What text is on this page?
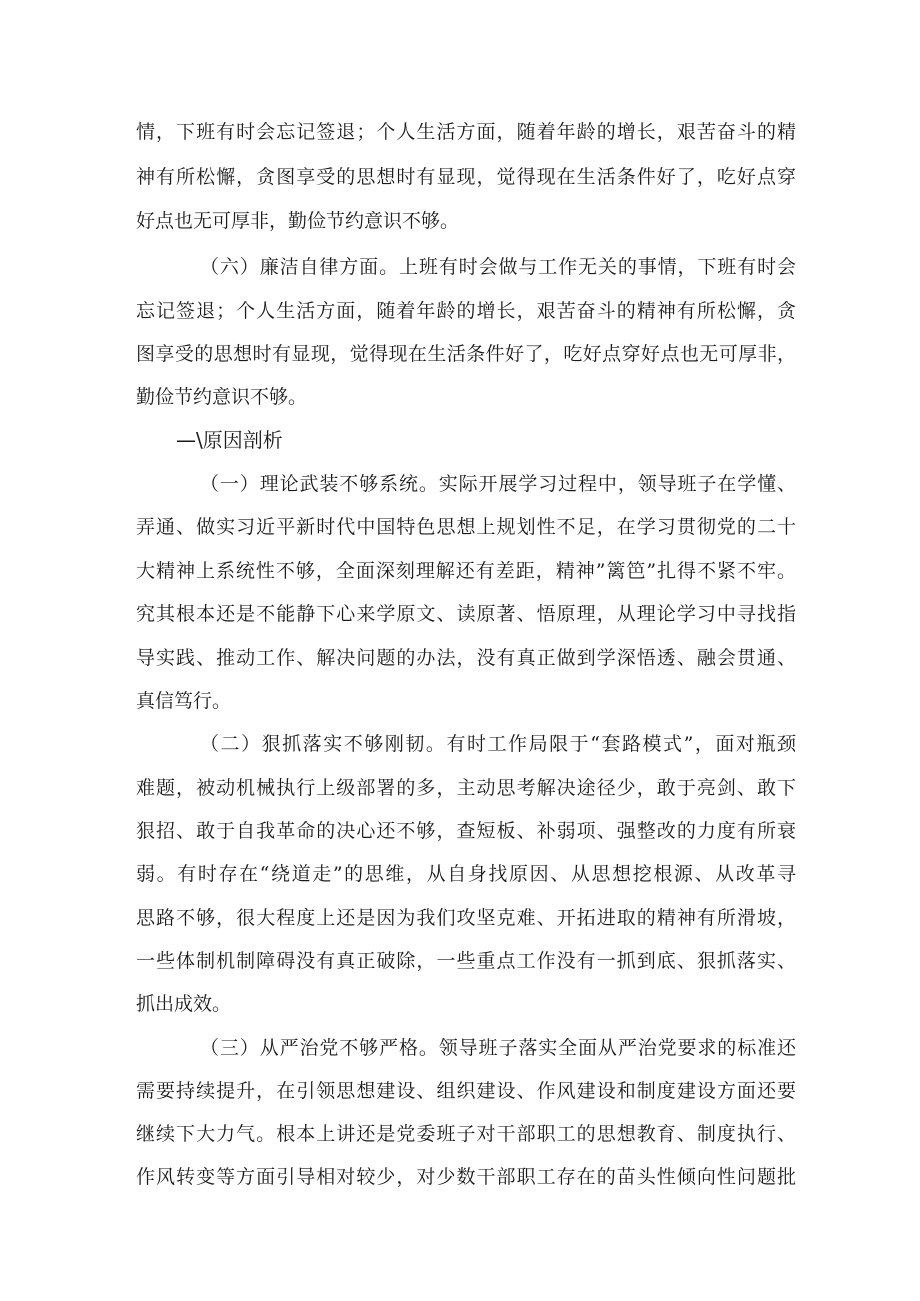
情，下班有时会忘记签退；个人生活方面，随着年龄的增长，艰苦奋斗的精
神有所松懈，贪图享受的思想时有显现，觉得现在生活条件好了，吃好点穿
好点也无可厚非，勤俭节约意识不够。
（六）廉洁自律方面。上班有时会做与工作无关的事情，下班有时会
忘记签退；个人生活方面，随着年龄的增长，艰苦奋斗的精神有所松懈，贪
图享受的思想时有显现，觉得现在生活条件好了，吃好点穿好点也无可厚非，
勤俭节约意识不够。
—\原因剖析
（一）理论武装不够系统。实际开展学习过程中，领导班子在学懂、
弄通、做实习近平新时代中国特色思想上规划性不足，在学习贯彻党的二十
大精神上系统性不够，全面深刻理解还有差距，精神”篱笆”扎得不紧不牢。
究其根本还是不能静下心来学原文、读原著、悟原理，从理论学习中寻找指
导实践、推动工作、解决问题的办法，没有真正做到学深悟透、融会贯通、
真信笃行。
（二）狠抓落实不够刚韧。有时工作局限于“套路模式”，面对瓶颈
难题，被动机械执行上级部署的多，主动思考解决途径少，敢于亮剑、敢下
狠招、敢于自我革命的决心还不够，查短板、补弱项、强整改的力度有所衰
弱。有时存在“绕道走”的思维，从自身找原因、从思想挖根源、从改革寻
思路不够，很大程度上还是因为我们攻坚克难、开拓进取的精神有所滑坡，
一些体制机制障碍没有真正破除，一些重点工作没有一抓到底、狠抓落实、
抓出成效。
（三）从严治党不够严格。领导班子落实全面从严治党要求的标准还
需要持续提升，在引领思想建设、组织建设、作风建设和制度建设方面还要
继续下大力气。根本上讲还是党委班子对干部职工的思想教育、制度执行、
作风转变等方面引导相对较少，对少数干部职工存在的苗头性倾向性问题批
